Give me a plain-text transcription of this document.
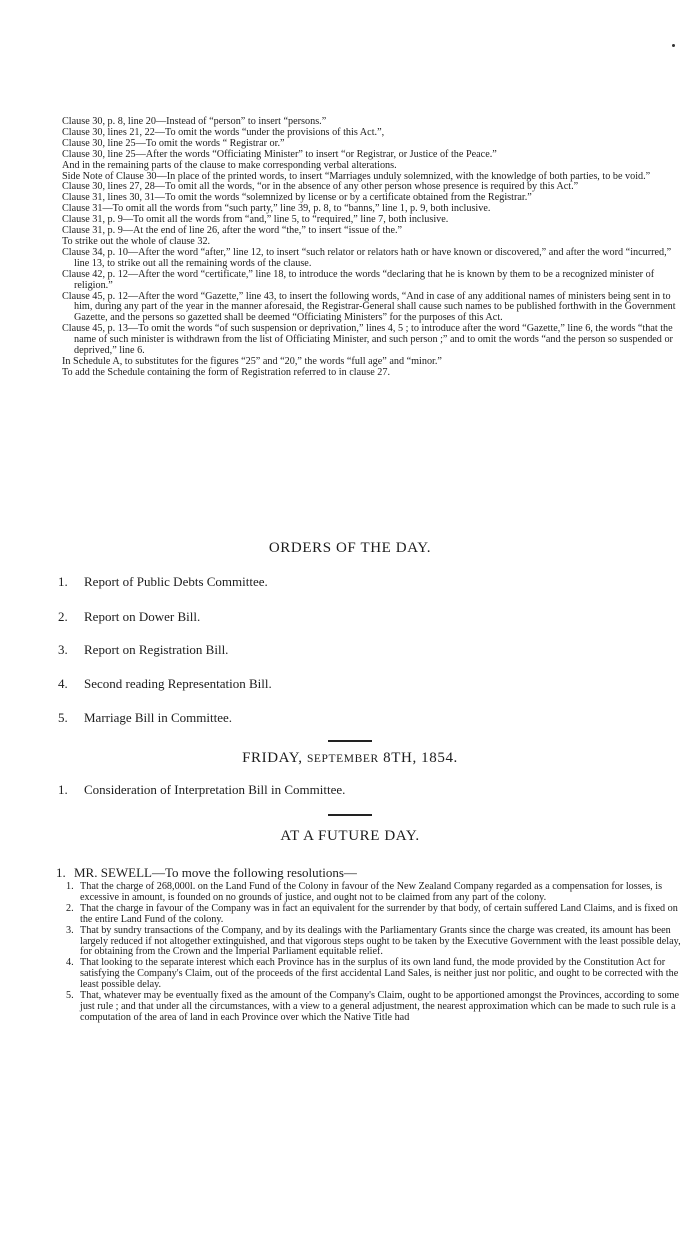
Clause 30, p. 8, line 20—Instead of “person” to insert “persons.”

Clause 30, lines 21, 22—To omit the words “under the provisions of this Act.”,

Clause 30, line 25—To omit the words “ Registrar or.”

Clause 30, line 25—After the words “Officiating Minister” to insert “or Registrar, or Justice of the Peace.”

And in the remaining parts of the clause to make corresponding verbal alterations.

Side Note of Clause 30—In place of the printed words, to insert “Marriages unduly solemnized, with the knowledge of both parties, to be void.”

Clause 30, lines 27, 28—To omit all the words, “or in the absence of any other person whose presence is required by this Act.”

Clause 31, lines 30, 31—To omit the words “solemnized by license or by a certificate obtained from the Registrar.”

Clause 31—To omit all the words from “such party,” line 39, p. 8, to “banns,” line 1, p. 9, both inclusive.

Clause 31, p. 9—To omit all the words from “and,” line 5, to “required,” line 7, both inclusive.

Clause 31, p. 9—At the end of line 26, after the word “the,” to insert “issue of the.”

To strike out the whole of clause 32.

Clause 34, p. 10—After the word “after,” line 12, to insert “such relator or relators hath or have known or discovered,” and after the word “incurred,” line 13, to strike out all the remaining words of the clause.

Clause 42, p. 12—After the word “certificate,” line 18, to introduce the words “declaring that he is known by them to be a recognized minister of religion.”

Clause 45, p. 12—After the word “Gazette,” line 43, to insert the following words, “And in case of any additional names of ministers being sent in to him, during any part of the year in the manner aforesaid, the Registrar-General shall cause such names to be published forthwith in the Government Gazette, and the persons so gazetted shall be deemed “Officiating Ministers” for the purposes of this Act.

Clause 45, p. 13—To omit the words “of such suspension or deprivation,” lines 4, 5 ; to introduce after the word “Gazette,” line 6, the words “that the name of such minister is withdrawn from the list of Officiating Minister, and such person ;” and to omit the words “and the person so suspended or deprived,” line 6.

In Schedule A, to substitutes for the figures “25” and “20,” the words “full age” and “minor.”

To add the Schedule containing the form of Registration referred to in clause 27.

ORDERS OF THE DAY.
1. Report of Public Debts Committee.
2. Report on Dower Bill.
3. Report on Registration Bill.
4. Second reading Representation Bill.
5. Marriage Bill in Committee.
FRIDAY, SEPTEMBER 8TH, 1854.
1. Consideration of Interpretation Bill in Committee.
AT A FUTURE DAY.

1. MR. SEWELL—To move the following resolutions—

1. That the charge of 268,000l. on the Land Fund of the Colony in favour of the New Zealand Company regarded as a compensation for losses, is excessive in amount, is founded on no grounds of justice, and ought not to be claimed from any part of the colony.

2. That the charge in favour of the Company was in fact an equivalent for the surrender by that body, of certain suffered Land Claims, and is fixed on the entire Land Fund of the colony.

3. That by sundry transactions of the Company, and by its dealings with the Parliamentary Grants since the charge was created, its amount has been largely reduced if not altogether extinguished, and that vigorous steps ought to be taken by the Executive Government with the least possible delay, for obtaining from the Crown and the Imperial Parliament equitable relief.

4. That looking to the separate interest which each Province has in the surplus of its own land fund, the mode provided by the Constitution Act for satisfying the Company's Claim, out of the proceeds of the first accidental Land Sales, is neither just nor politic, and ought to be corrected with the least possible delay.

5. That, whatever may be eventually fixed as the amount of the Company's Claim, ought to be apportioned amongst the Provinces, according to some just rule ; and that under all the circumstances, with a view to a general adjustment, the nearest approximation which can be made to such rule is a computation of the area of land in each Province over which the Native Title had
